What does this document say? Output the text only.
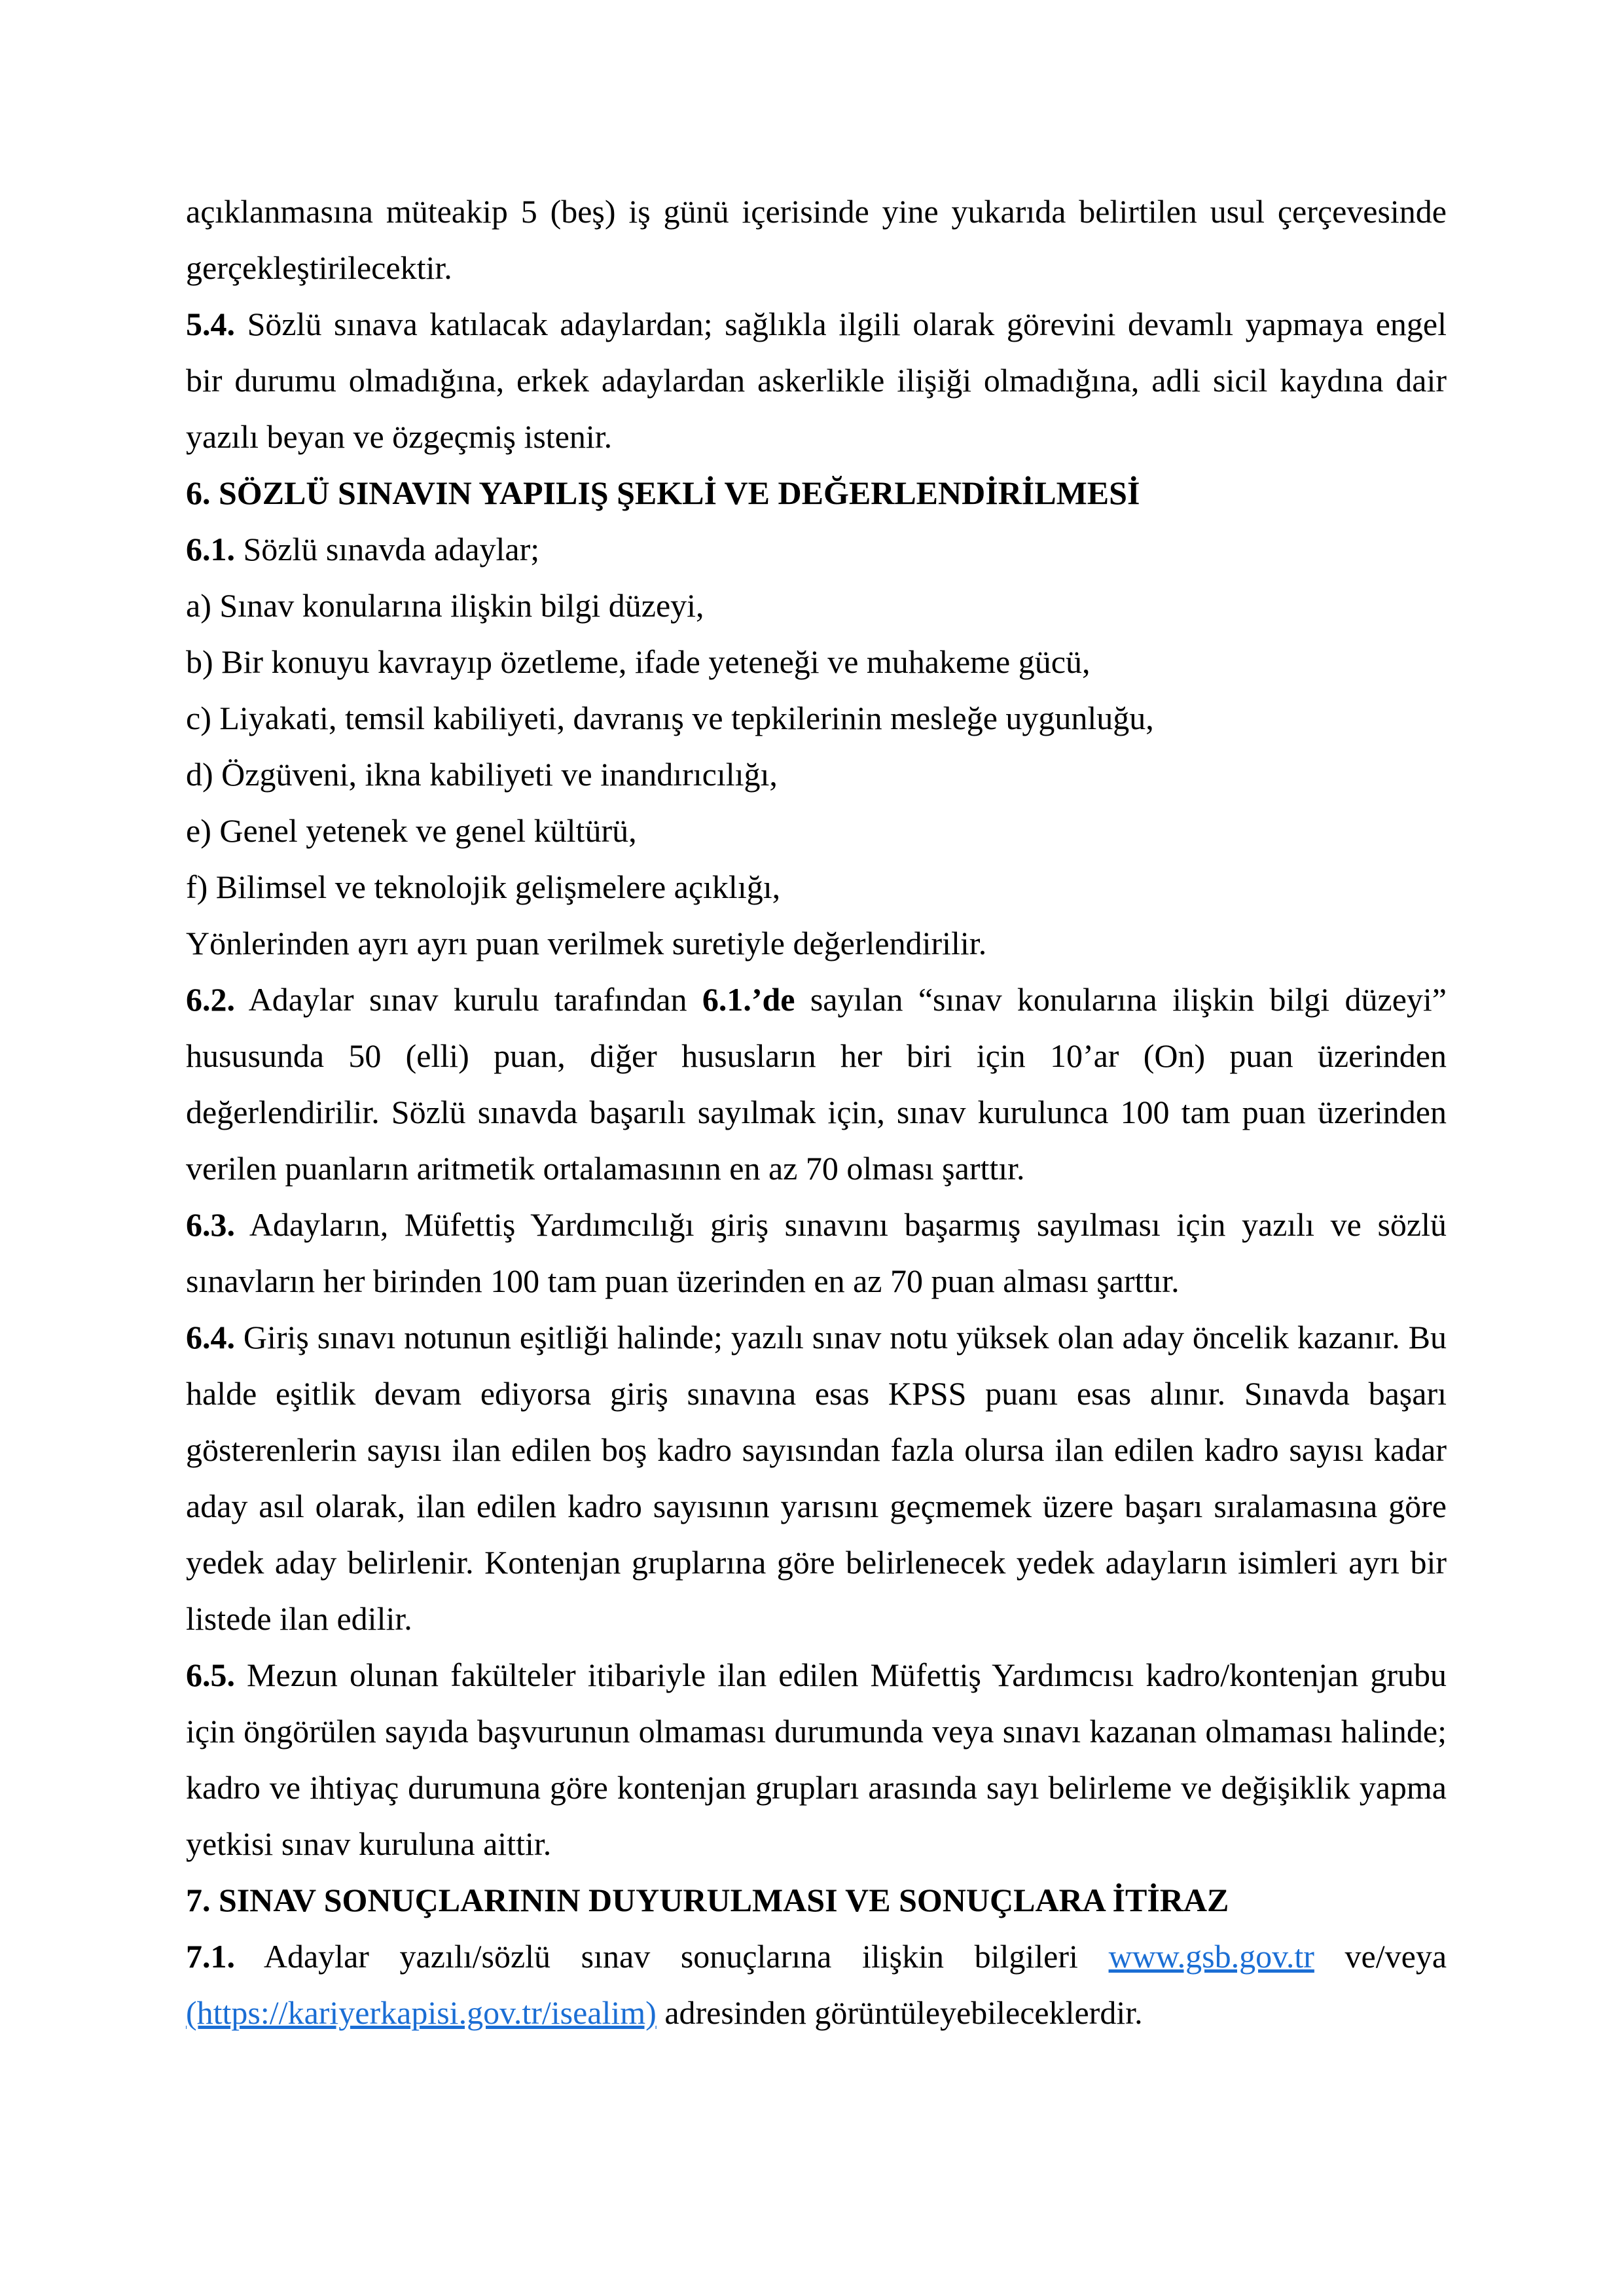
açıklanmasına müteakip 5 (beş) iş günü içerisinde yine yukarıda belirtilen usul çerçevesinde gerçekleştirilecektir.

5.4. Sözlü sınava katılacak adaylardan; sağlıkla ilgili olarak görevini devamlı yapmaya engel bir durumu olmadığına, erkek adaylardan askerlikle ilişiği olmadığına, adli sicil kaydına dair yazılı beyan ve özgeçmiş istenir.

6. SÖZLÜ SINAVIN YAPILIŞ ŞEKLİ VE DEĞERLENDİRİLMESİ

6.1. Sözlü sınavda adaylar;

a) Sınav konularına ilişkin bilgi düzeyi,

b) Bir konuyu kavrayıp özetleme, ifade yeteneği ve muhakeme gücü,

c) Liyakati, temsil kabiliyeti, davranış ve tepkilerinin mesleğe uygunluğu,

d) Özgüveni, ikna kabiliyeti ve inandırıcılığı,

e) Genel yetenek ve genel kültürü,

f) Bilimsel ve teknolojik gelişmelere açıklığı,

Yönlerinden ayrı ayrı puan verilmek suretiyle değerlendirilir.

6.2. Adaylar sınav kurulu tarafından 6.1.’de sayılan “sınav konularına ilişkin bilgi düzeyi” hususunda 50 (elli) puan, diğer hususların her biri için 10’ar (On) puan üzerinden değerlendirilir. Sözlü sınavda başarılı sayılmak için, sınav kurulunca 100 tam puan üzerinden verilen puanların aritmetik ortalamasının en az 70 olması şarttır.

6.3. Adayların, Müfettiş Yardımcılığı giriş sınavını başarmış sayılması için yazılı ve sözlü sınavların her birinden 100 tam puan üzerinden en az 70 puan alması şarttır.

6.4. Giriş sınavı notunun eşitliği halinde; yazılı sınav notu yüksek olan aday öncelik kazanır. Bu halde eşitlik devam ediyorsa giriş sınavına esas KPSS puanı esas alınır. Sınavda başarı gösterenlerin sayısı ilan edilen boş kadro sayısından fazla olursa ilan edilen kadro sayısı kadar aday asıl olarak, ilan edilen kadro sayısının yarısını geçmemek üzere başarı sıralamasına göre yedek aday belirlenir. Kontenjan gruplarına göre belirlenecek yedek adayların isimleri ayrı bir listede ilan edilir.

6.5. Mezun olunan fakülteler itibariyle ilan edilen Müfettiş Yardımcısı kadro/kontenjan grubu için öngörülen sayıda başvurunun olmaması durumunda veya sınavı kazanan olmaması halinde; kadro ve ihtiyaç durumuna göre kontenjan grupları arasında sayı belirleme ve değişiklik yapma yetkisi sınav kuruluna aittir.

7. SINAV SONUÇLARININ DUYURULMASI VE SONUÇLARA İTİRAZ

7.1. Adaylar yazılı/sözlü sınav sonuçlarına ilişkin bilgileri www.gsb.gov.tr ve/veya (https://kariyerkapisi.gov.tr/isealim) adresinden görüntüleyebileceklerdir.
